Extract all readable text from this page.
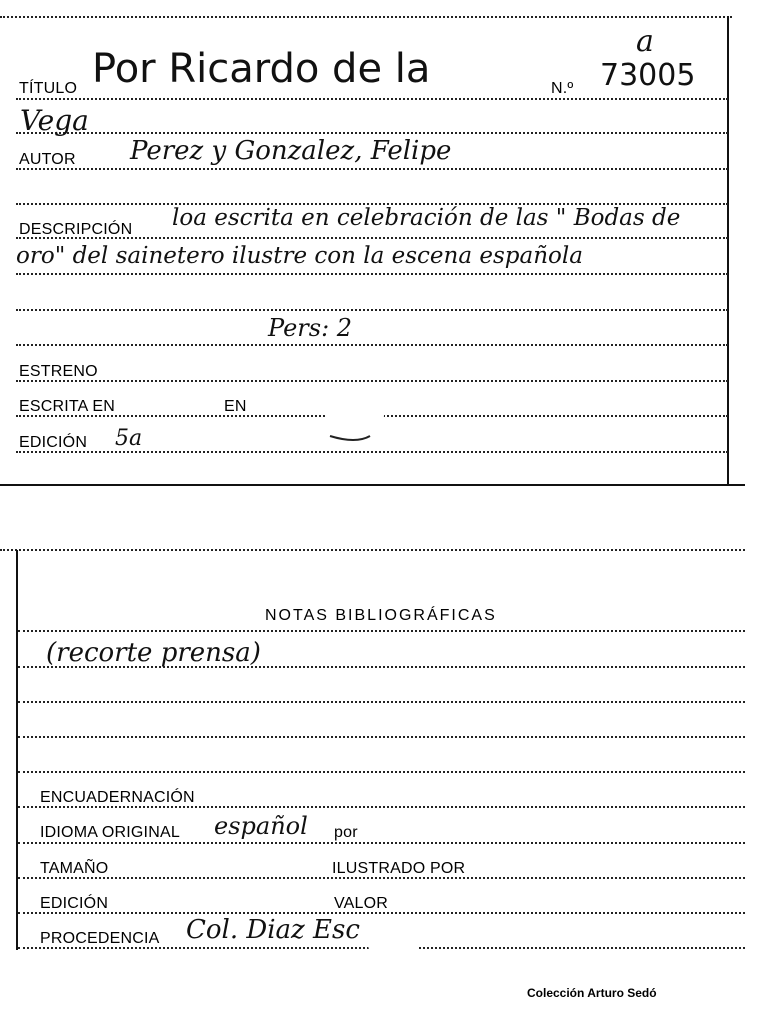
a
TÍTULO Por Ricardo de la	N.º 73005
Vega
AUTOR Perez y Gonzalez, Felipe
DESCRIPCIÓN loa escrita en celebración de las " Bodas de
oro" del sainetero ilustre con la escena española
Pers: 2
ESTRENO
ESCRITA EN	EN
EDICIÓN 5a
NOTAS BIBLIOGRÁFICAS
(recorte prensa)
ENCUADERNACIÓN
IDIOMA ORIGINAL español por
TAMAÑO	ILUSTRADO POR
EDICIÓN	VALOR
PROCEDENCIA Col. Diaz Esc
Colección Arturo Sedó
